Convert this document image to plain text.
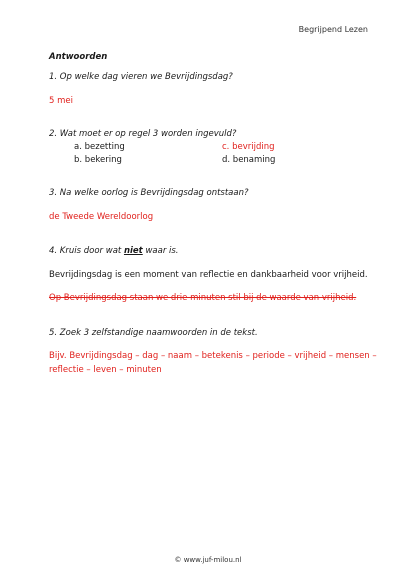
Begrijpend Lezen
Antwoorden
1. Op welke dag vieren we Bevrijdingsdag?
5 mei
2. Wat moet er op regel 3 worden ingevuld?
a. bezetting	c. bevrijding
b. bekering	d. benaming
3. Na welke oorlog is Bevrijdingsdag ontstaan?
de Tweede Wereldoorlog
4. Kruis door wat niet waar is.
Bevrijdingsdag is een moment van reflectie en dankbaarheid voor vrijheid.
Op Bevrijdingsdag staan we drie minuten stil bij de waarde van vrijheid.
5. Zoek 3 zelfstandige naamwoorden in de tekst.
Bijv. Bevrijdingsdag – dag – naam – betekenis – periode – vrijheid – mensen –
reflectie – leven – minuten
© www.juf-milou.nl
